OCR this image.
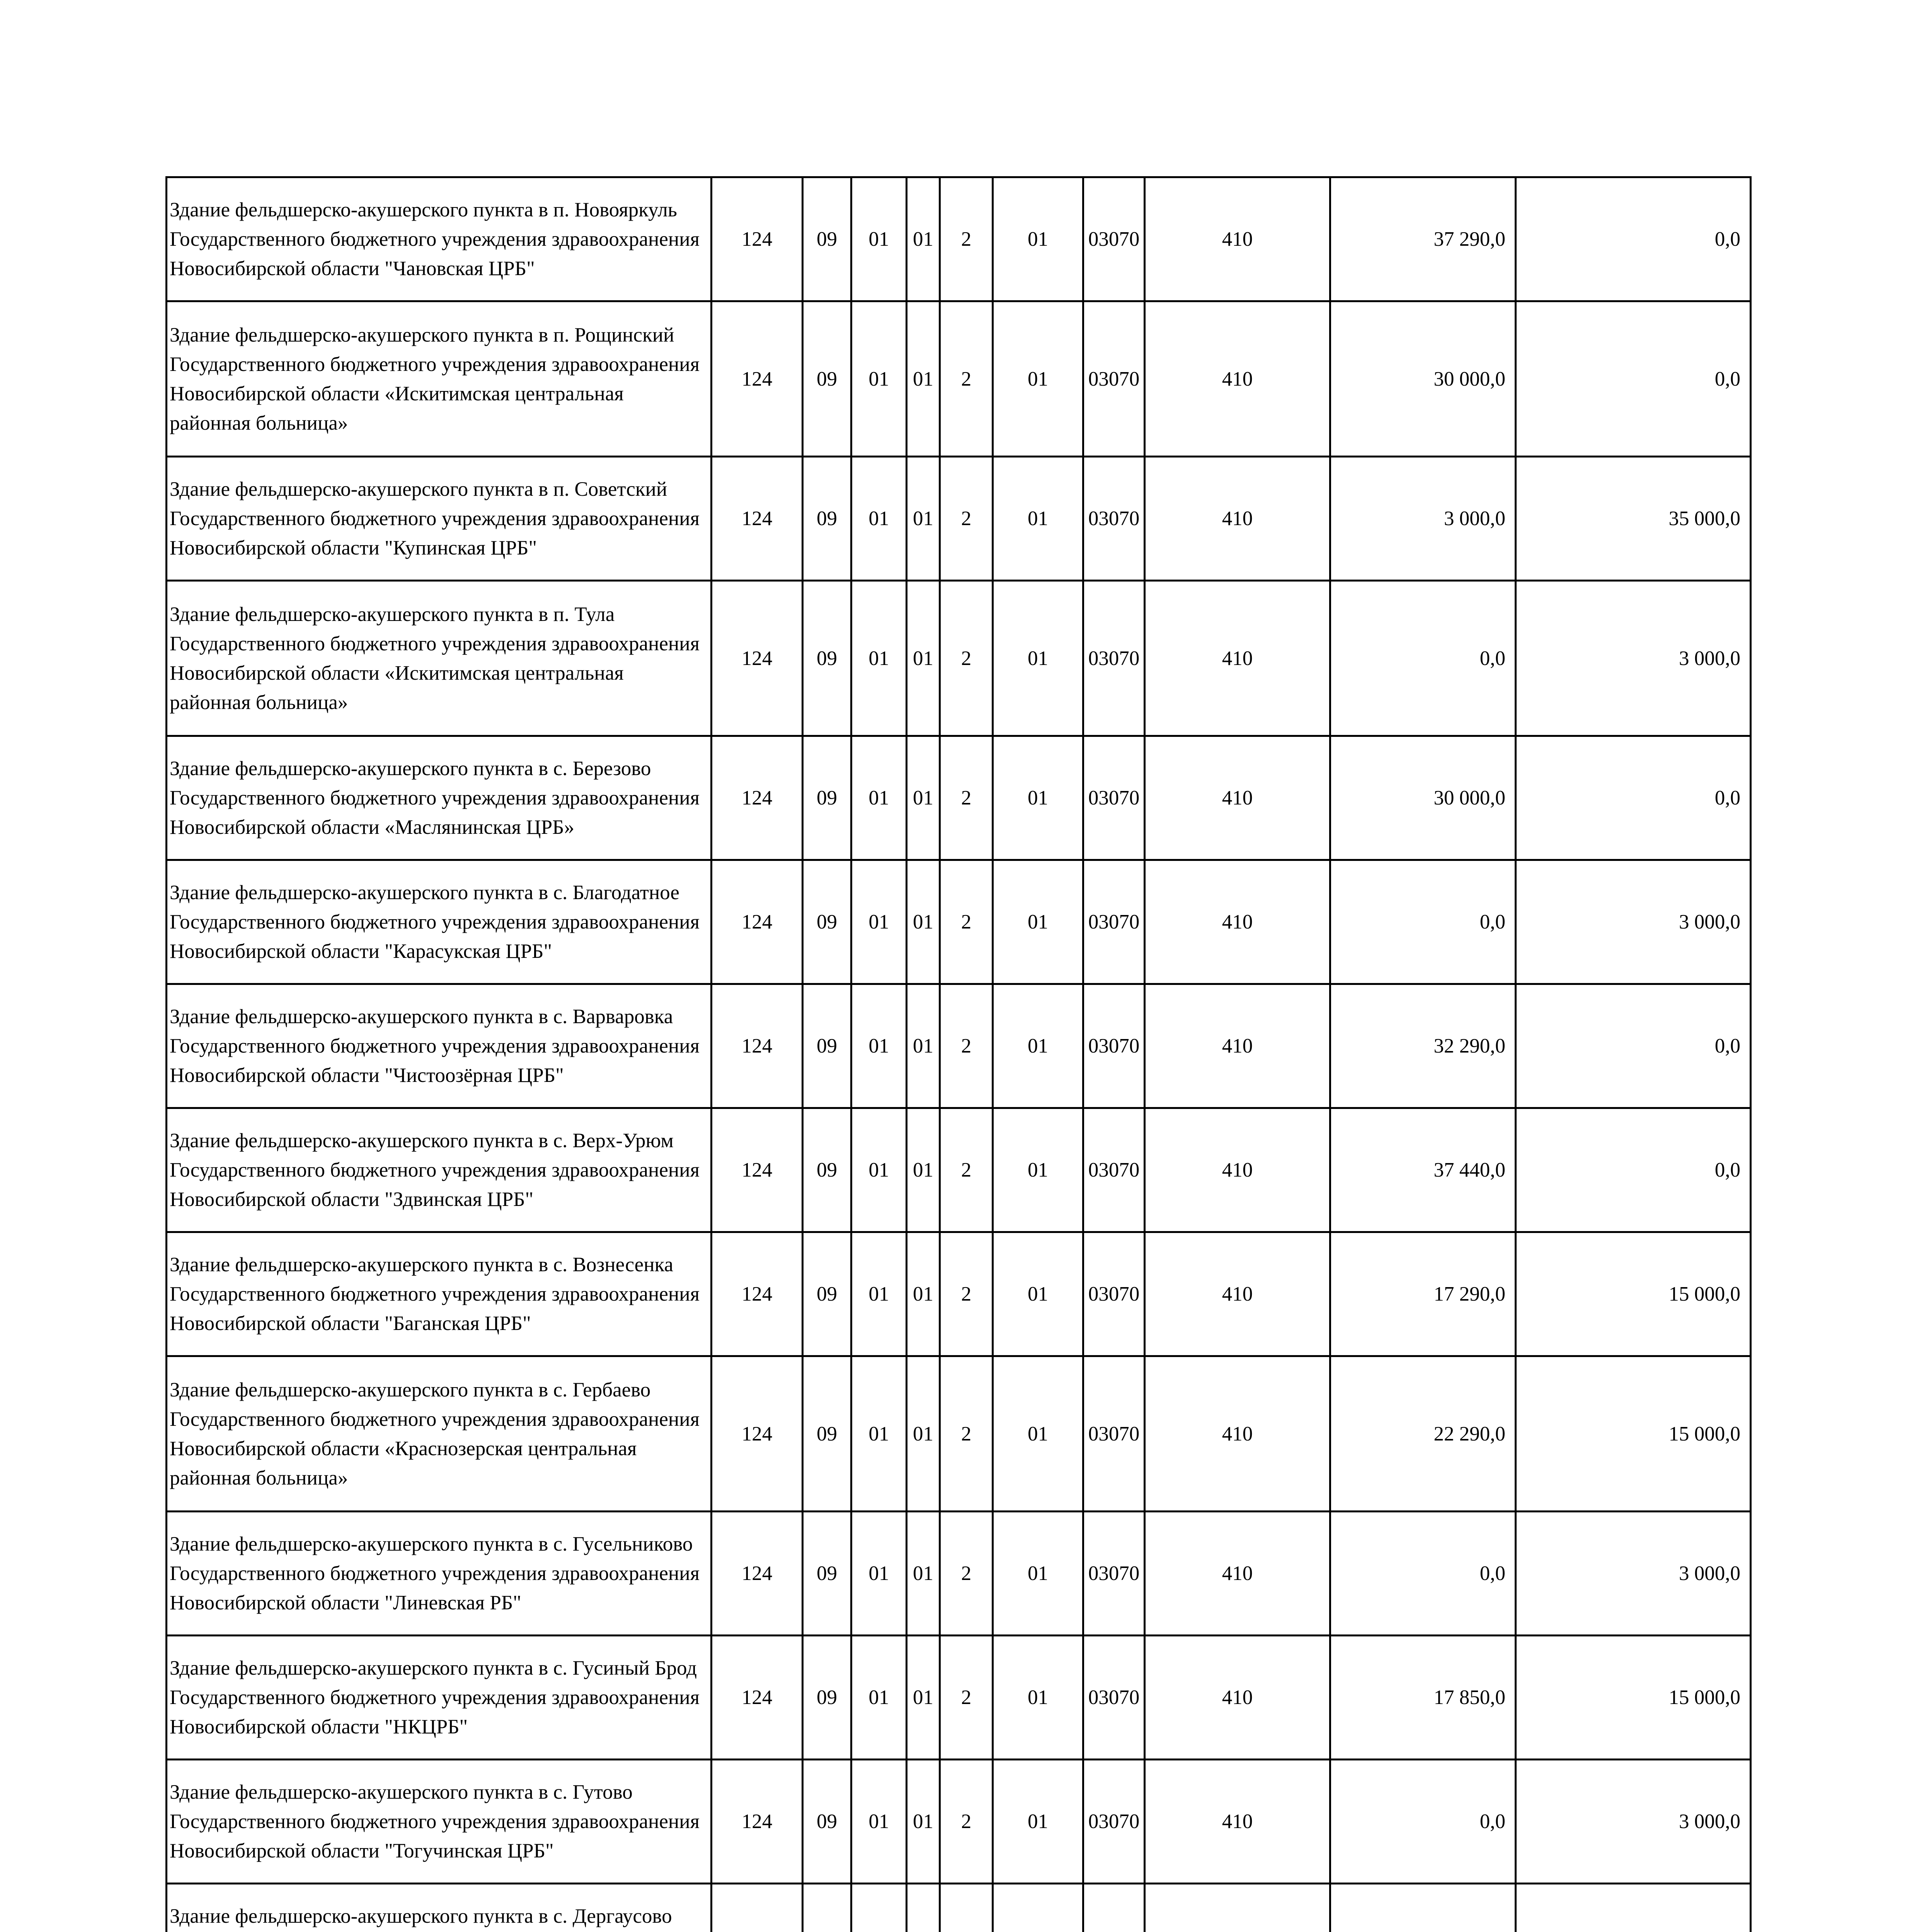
Здание фельдшерско-акушерского пункта в п. Новояркуль Государственного бюджетного учреждения здравоохранения Новосибирской области "Чановская ЦРБ"	124	09	01	01	2	01	03070	410	37 290,0	0,0	
Здание фельдшерско-акушерского пункта в п. Рощинский Государственного бюджетного учреждения здравоохранения Новосибирской области «Искитимская центральная районная больница»	124	09	01	01	2	01	03070	410	30 000,0	0,0	
Здание фельдшерско-акушерского пункта в п. Советский Государственного бюджетного учреждения здравоохранения Новосибирской области "Купинская ЦРБ"	124	09	01	01	2	01	03070	410	3 000,0	35 000,0	
Здание фельдшерско-акушерского пункта в п. Тула Государственного бюджетного учреждения здравоохранения Новосибирской области «Искитимская центральная районная больница»	124	09	01	01	2	01	03070	410	0,0	3 000,0	
Здание фельдшерско-акушерского пункта в с. Березово Государственного бюджетного учреждения здравоохранения Новосибирской области «Маслянинская ЦРБ»	124	09	01	01	2	01	03070	410	30 000,0	0,0	
Здание фельдшерско-акушерского пункта в с. Благодатное Государственного бюджетного учреждения здравоохранения Новосибирской области "Карасукская ЦРБ"	124	09	01	01	2	01	03070	410	0,0	3 000,0	
Здание фельдшерско-акушерского пункта в с. Варваровка Государственного бюджетного учреждения здравоохранения Новосибирской области "Чистоозёрная ЦРБ"	124	09	01	01	2	01	03070	410	32 290,0	0,0	
Здание фельдшерско-акушерского пункта в с. Верх-Урюм Государственного бюджетного учреждения здравоохранения Новосибирской области "Здвинская ЦРБ"	124	09	01	01	2	01	03070	410	37 440,0	0,0	
Здание фельдшерско-акушерского пункта в с. Вознесенка Государственного бюджетного учреждения здравоохранения Новосибирской области "Баганская ЦРБ"	124	09	01	01	2	01	03070	410	17 290,0	15 000,0	
Здание фельдшерско-акушерского пункта в с. Гербаево Государственного бюджетного учреждения здравоохранения Новосибирской области «Краснозерская центральная районная больница»	124	09	01	01	2	01	03070	410	22 290,0	15 000,0	
Здание фельдшерско-акушерского пункта в с. Гусельниково Государственного бюджетного учреждения здравоохранения Новосибирской области "Линевская РБ"	124	09	01	01	2	01	03070	410	0,0	3 000,0	
Здание фельдшерско-акушерского пункта в с. Гусиный Брод Государственного бюджетного учреждения здравоохранения Новосибирской области "НКЦРБ"	124	09	01	01	2	01	03070	410	17 850,0	15 000,0	
Здание фельдшерско-акушерского пункта в с. Гутово Государственного бюджетного учреждения здравоохранения Новосибирской области "Тогучинская ЦРБ"	124	09	01	01	2	01	03070	410	0,0	3 000,0	
Здание фельдшерско-акушерского пункта в с. Дергаусово											
